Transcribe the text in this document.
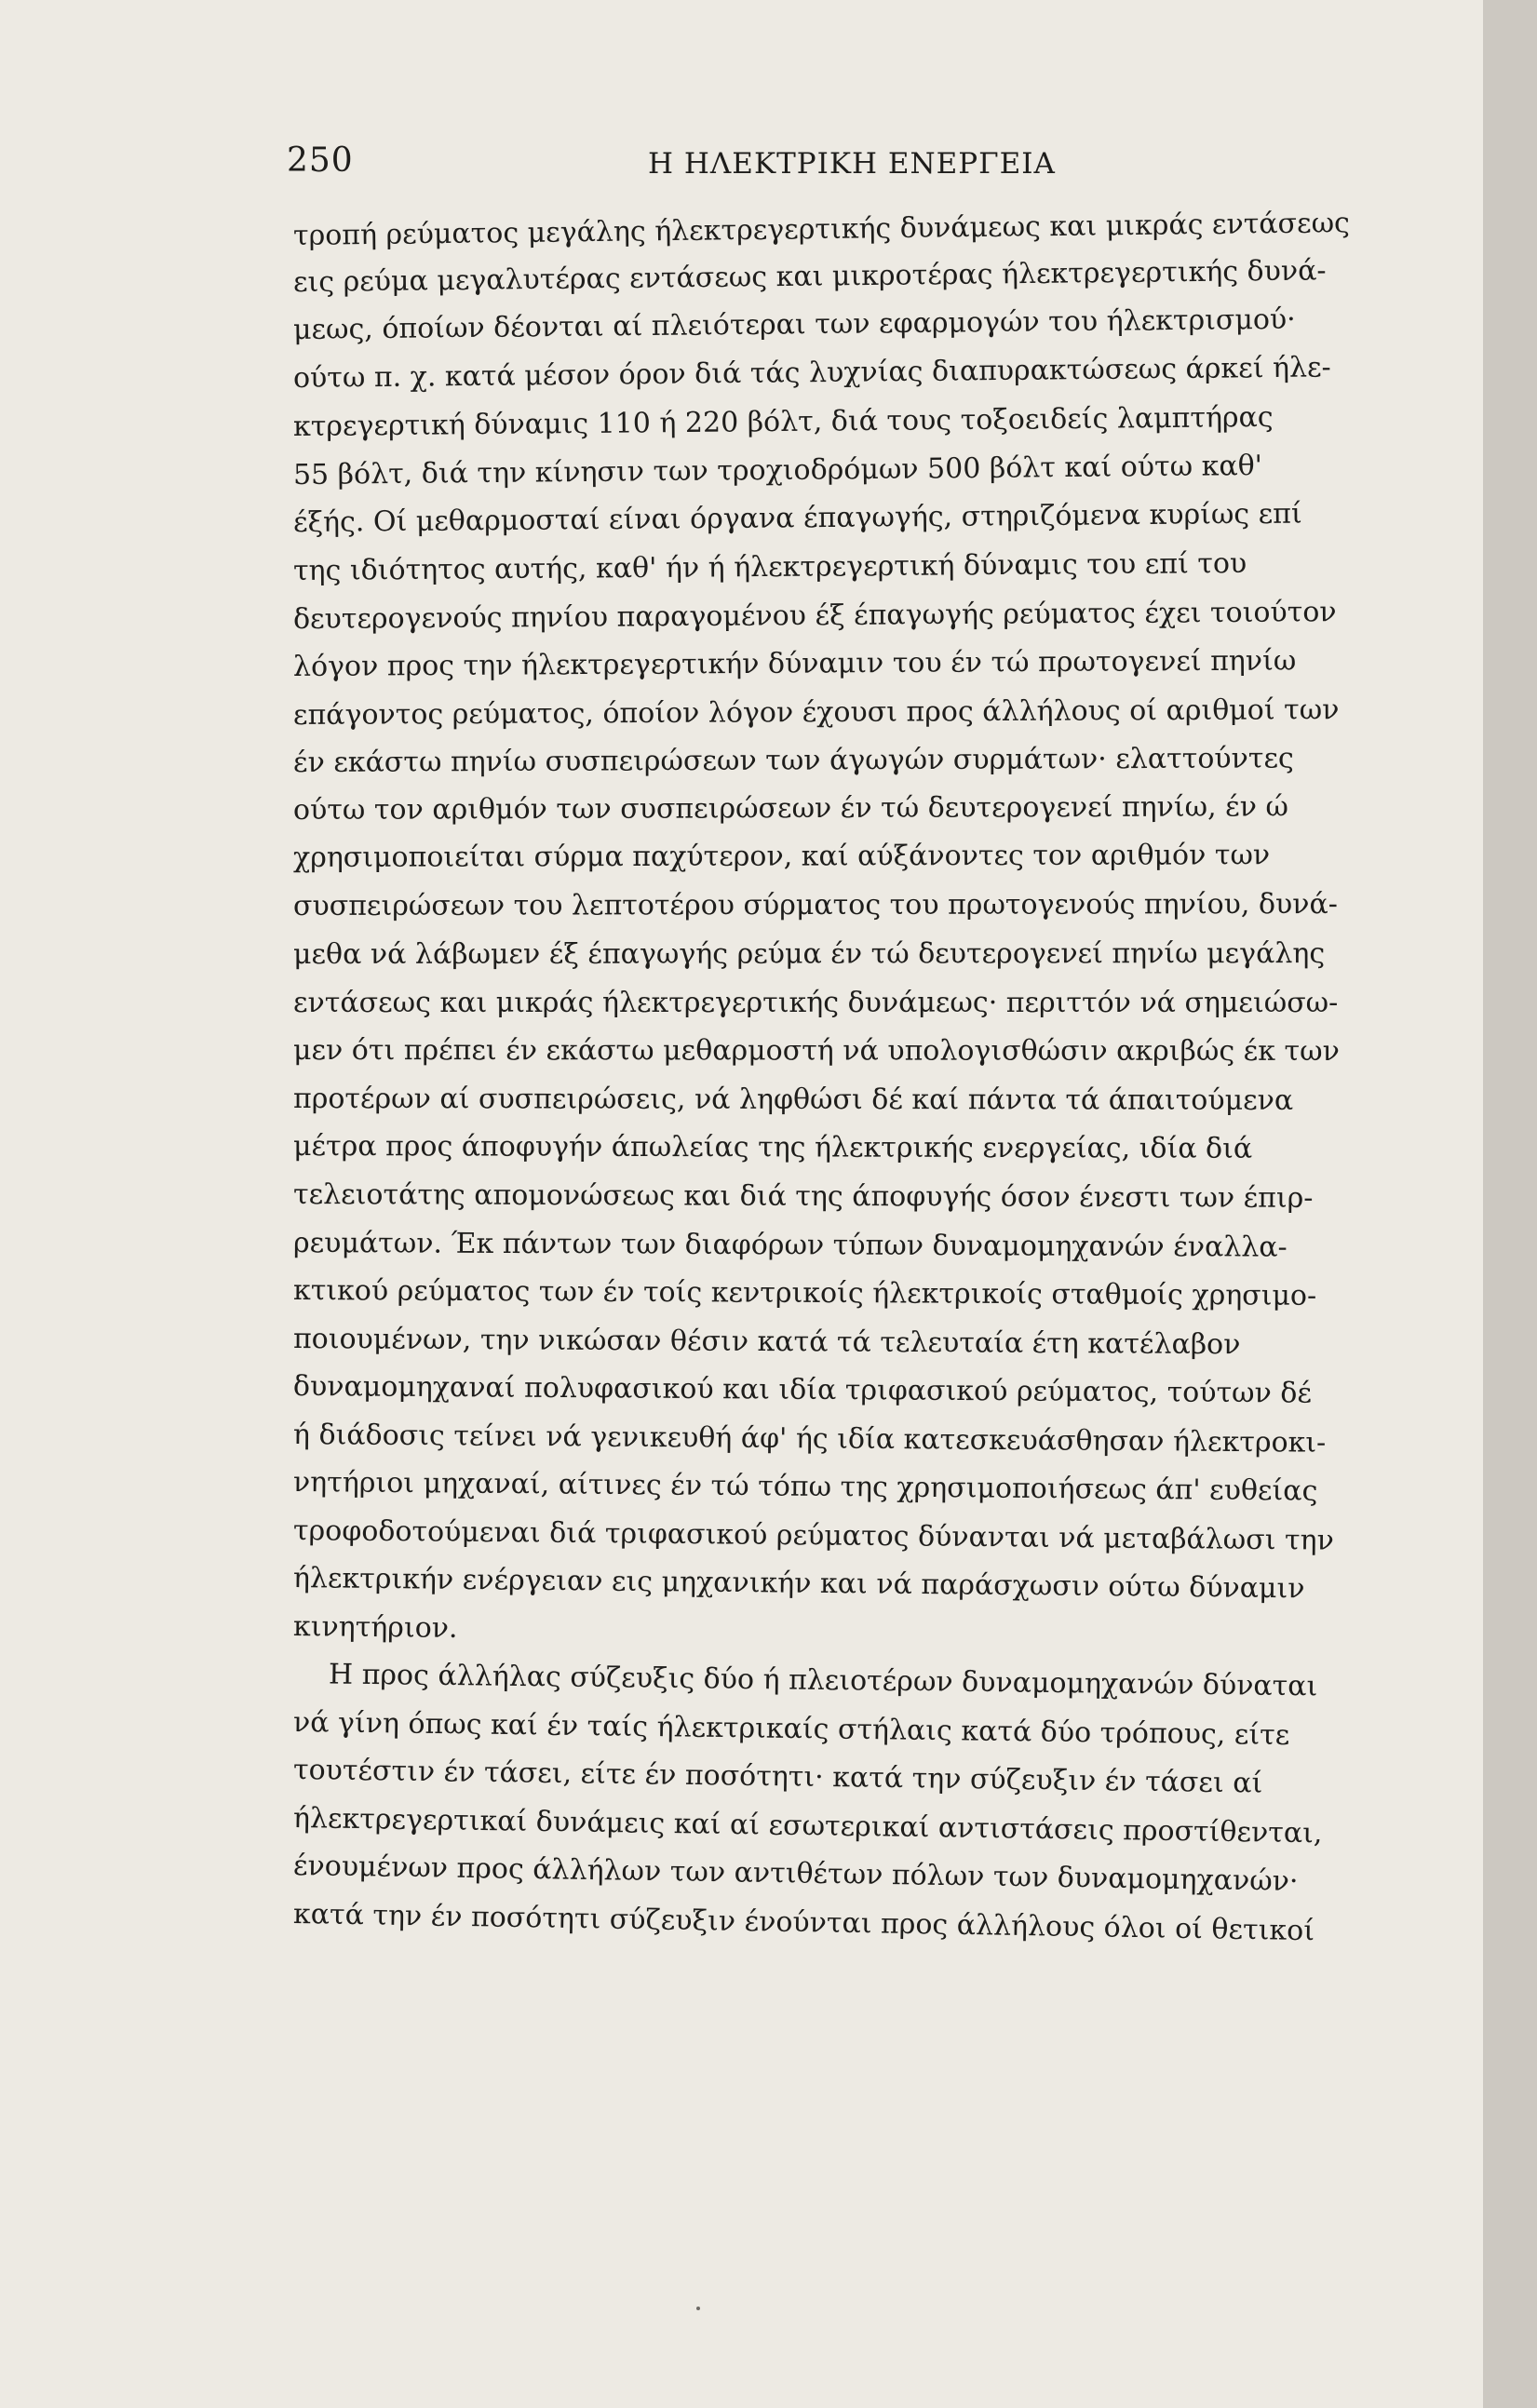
250	Η ΗΛΕΚΤΡΙΚΗ ΕΝΕΡΓΕΙΑ
τροπή ρεύματος μεγάλης ήλεκτρεγερτικής δυνάμεως και μικράς εντάσεως
εις ρεύμα μεγαλυτέρας εντάσεως και μικροτέρας ήλεκτρεγερτικής δυνά-
μεως, όποίων δέονται αί πλειότεραι των εφαρμογών του ήλεκτρισμού·
ούτω π. χ. κατά μέσον όρον διά τάς λυχνίας διαπυρακτώσεως άρκεί ήλε-
κτρεγερτική δύναμις 110 ή 220 βόλτ, διά τους τοξοειδείς λαμπτήρας
55 βόλτ, διά την κίνησιν των τροχιοδρόμων 500 βόλτ καί ούτω καθ'
έξής. Οί μεθαρμοσταί είναι όργανα έπαγωγής, στηριζόμενα κυρίως επί
της ιδιότητος αυτής, καθ' ήν ή ήλεκτρεγερτική δύναμις του επί του
δευτερογενούς πηνίου παραγομένου έξ έπαγωγής ρεύματος έχει τοιούτον
λόγον προς την ήλεκτρεγερτικήν δύναμιν του έν τώ πρωτογενεί πηνίω
επάγοντος ρεύματος, όποίον λόγον έχουσι προς άλλήλους οί αριθμοί των
έν εκάστω πηνίω συσπειρώσεων των άγωγών συρμάτων· ελαττούντες
ούτω τον αριθμόν των συσπειρώσεων έν τώ δευτερογενεί πηνίω, έν ώ
χρησιμοποιείται σύρμα παχύτερον, καί αύξάνοντες τον αριθμόν των
συσπειρώσεων του λεπτοτέρου σύρματος του πρωτογενούς πηνίου, δυνά-
μεθα νά λάβωμεν έξ έπαγωγής ρεύμα έν τώ δευτερογενεί πηνίω μεγάλης
εντάσεως και μικράς ήλεκτρεγερτικής δυνάμεως· περιττόν νά σημειώσω-
μεν ότι πρέπει έν εκάστω μεθαρμοστή νά υπολογισθώσιν ακριβώς έκ των
προτέρων αί συσπειρώσεις, νά ληφθώσι δέ καί πάντα τά άπαιτούμενα
μέτρα προς άποφυγήν άπωλείας της ήλεκτρικής ενεργείας, ιδία διά
τελειοτάτης απομονώσεως και διά της άποφυγής όσον ένεστι των έπιρ-
ρευμάτων. Έκ πάντων των διαφόρων τύπων δυναμομηχανών έναλλα-
κτικού ρεύματος των έν τοίς κεντρικοίς ήλεκτρικοίς σταθμοίς χρησιμο-
ποιουμένων, την νικώσαν θέσιν κατά τά τελευταία έτη κατέλαβον
δυναμομηχαναί πολυφασικού και ιδία τριφασικού ρεύματος, τούτων δέ
ή διάδοσις τείνει νά γενικευθή άφ' ής ιδία κατεσκευάσθησαν ήλεκτροκι-
νητήριοι μηχαναί, αίτινες έν τώ τόπω της χρησιμοποιήσεως άπ' ευθείας
τροφοδοτούμεναι διά τριφασικού ρεύματος δύνανται νά μεταβάλωσι την
ήλεκτρικήν ενέργειαν εις μηχανικήν και νά παράσχωσιν ούτω δύναμιν
κινητήριον.
Η προς άλλήλας σύζευξις δύο ή πλειοτέρων δυναμομηχανών δύναται
νά γίνη όπως καί έν ταίς ήλεκτρικαίς στήλαις κατά δύο τρόπους, είτε
τουτέστιν έν τάσει, είτε έν ποσότητι· κατά την σύζευξιν έν τάσει αί
ήλεκτρεγερτικαί δυνάμεις καί αί εσωτερικαί αντιστάσεις προστίθενται,
ένουμένων προς άλλήλων των αντιθέτων πόλων των δυναμομηχανών·
κατά την έν ποσότητι σύζευξιν ένούνται προς άλλήλους όλοι οί θετικοί
